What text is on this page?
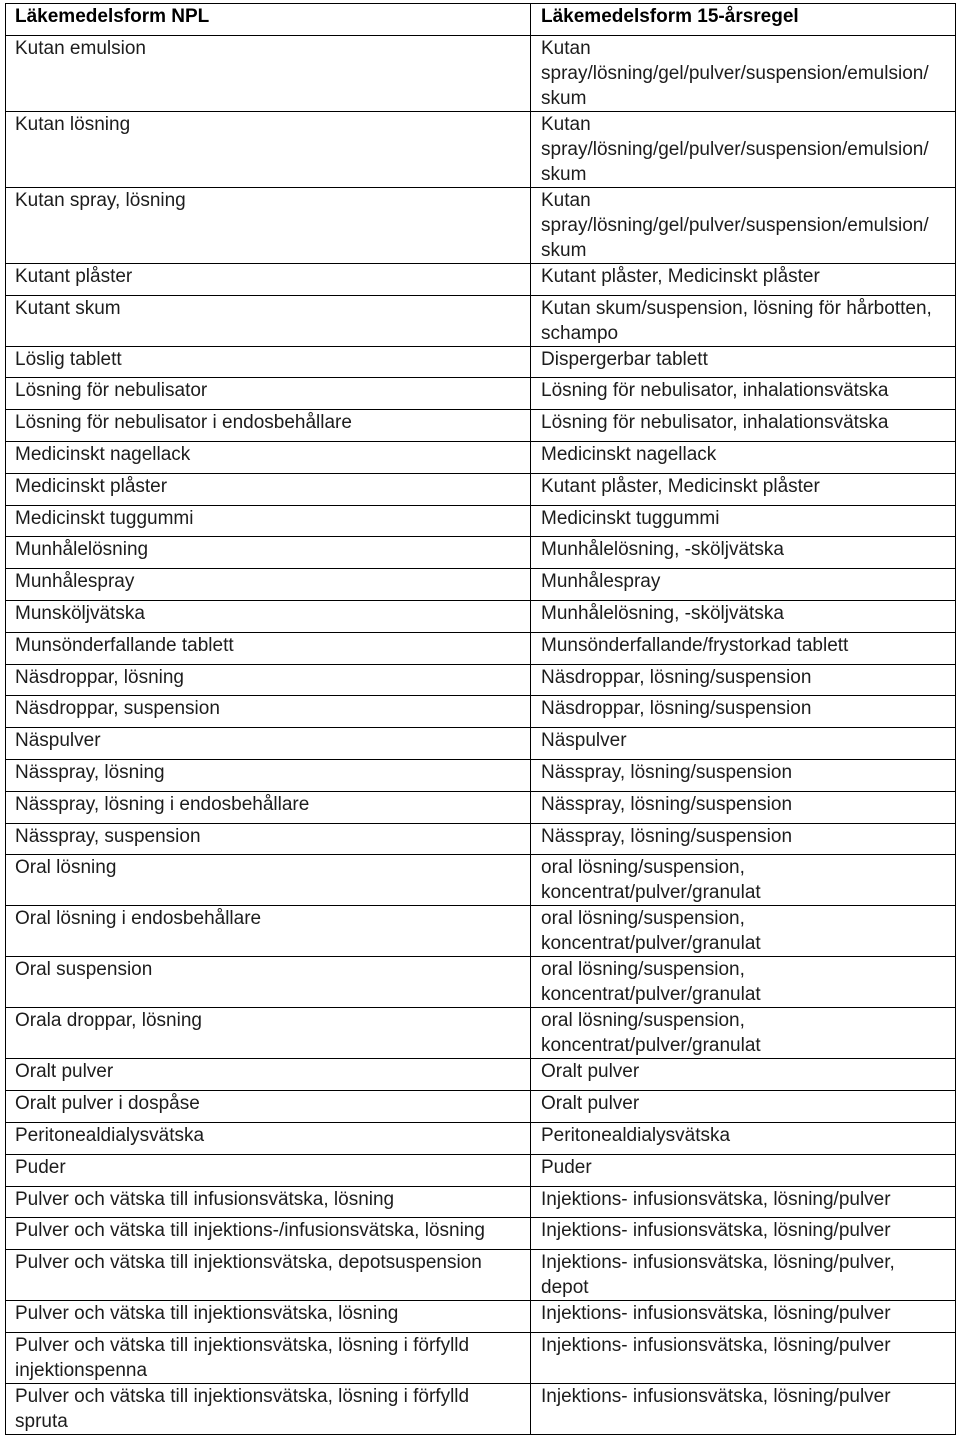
Läkemedelsform NPL	Läkemedelsform 15-årsregel
Kutan emulsion	Kutan spray/lösning/gel/pulver/suspension/emulsion/ skum
Kutan lösning	Kutan spray/lösning/gel/pulver/suspension/emulsion/ skum
Kutan spray, lösning	Kutan spray/lösning/gel/pulver/suspension/emulsion/ skum
Kutant plåster	Kutant plåster, Medicinskt plåster
Kutant skum	Kutan skum/suspension, lösning för hårbotten, schampo
Löslig tablett	Dispergerbar tablett
Lösning för nebulisator	Lösning för nebulisator, inhalationsvätska
Lösning för nebulisator i endosbehållare	Lösning för nebulisator, inhalationsvätska
Medicinskt nagellack	Medicinskt nagellack
Medicinskt plåster	Kutant plåster, Medicinskt plåster
Medicinskt tuggummi	Medicinskt tuggummi
Munhålelösning	Munhålelösning, -sköljvätska
Munhålespray	Munhålespray
Munsköljvätska	Munhålelösning, -sköljvätska
Munsönderfallande tablett	Munsönderfallande/frystorkad tablett
Näsdroppar, lösning	Näsdroppar, lösning/suspension
Näsdroppar, suspension	Näsdroppar, lösning/suspension
Näspulver	Näspulver
Nässpray, lösning	Nässpray, lösning/suspension
Nässpray, lösning i endosbehållare	Nässpray, lösning/suspension
Nässpray, suspension	Nässpray, lösning/suspension
Oral lösning	oral lösning/suspension, koncentrat/pulver/granulat
Oral lösning i endosbehållare	oral lösning/suspension, koncentrat/pulver/granulat
Oral suspension	oral lösning/suspension, koncentrat/pulver/granulat
Orala droppar, lösning	oral lösning/suspension, koncentrat/pulver/granulat
Oralt pulver	Oralt pulver
Oralt pulver i dospåse	Oralt pulver
Peritonealdialysvätska	Peritonealdialysvätska
Puder	Puder
Pulver och vätska till infusionsvätska, lösning	Injektions- infusionsvätska, lösning/pulver
Pulver och vätska till injektions-/infusionsvätska, lösning	Injektions- infusionsvätska, lösning/pulver
Pulver och vätska till injektionsvätska, depotsuspension	Injektions- infusionsvätska, lösning/pulver, depot
Pulver och vätska till injektionsvätska, lösning	Injektions- infusionsvätska, lösning/pulver
Pulver och vätska till injektionsvätska, lösning i förfylld injektionspenna	Injektions- infusionsvätska, lösning/pulver
Pulver och vätska till injektionsvätska, lösning i förfylld spruta	Injektions- infusionsvätska, lösning/pulver
